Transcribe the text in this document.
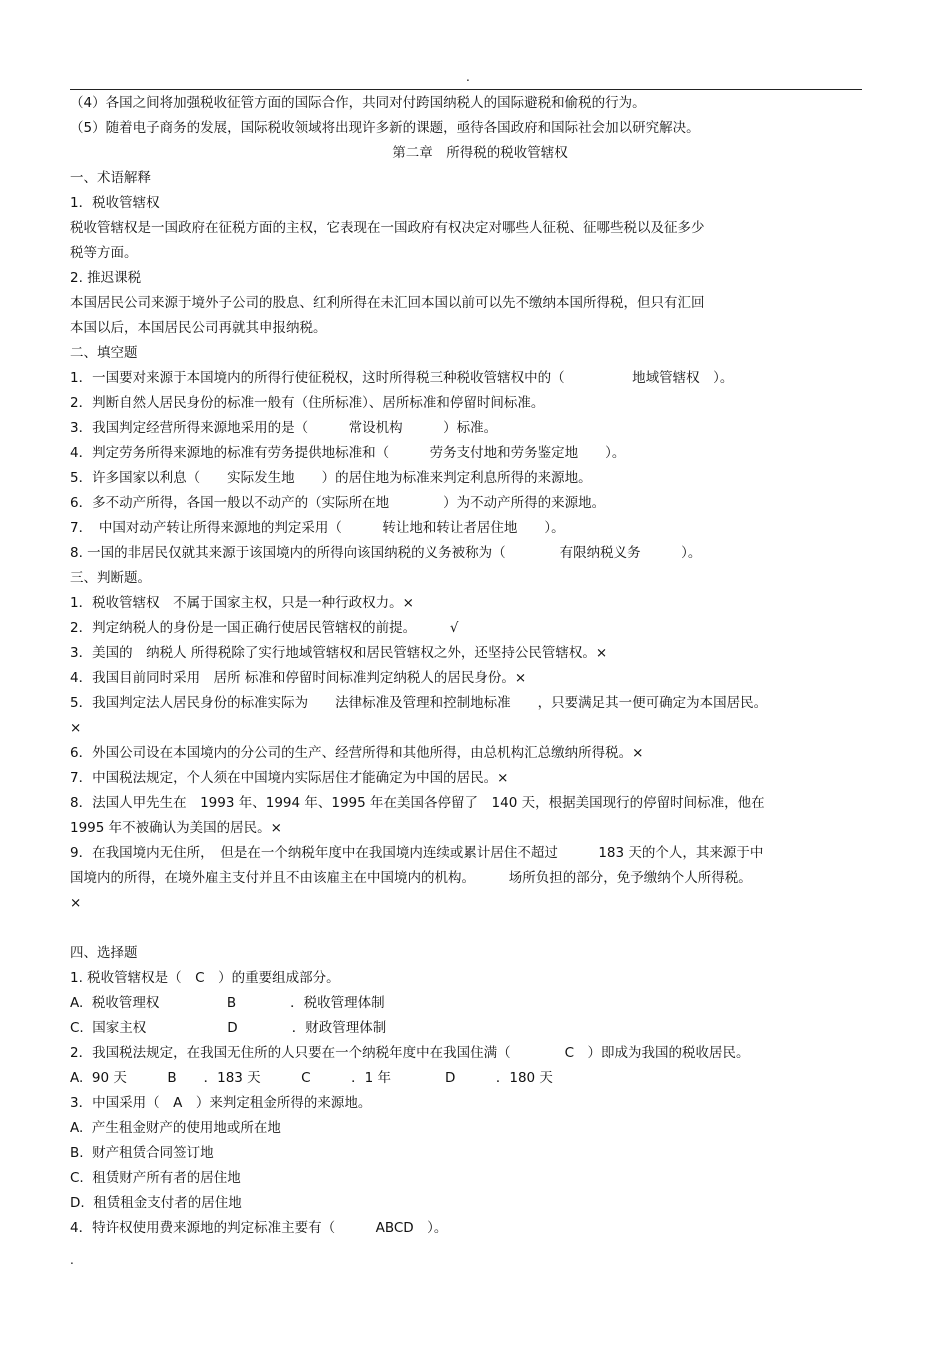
.
（4）各国之间将加强税收征管方面的国际合作，共同对付跨国纳税人的国际避税和偷税的行为。
（5）随着电子商务的发展，国际税收领域将出现许多新的课题，亟待各国政府和国际社会加以研究解决。
第二章　所得税的税收管辖权
一、术语解释
1．税收管辖权
税收管辖权是一国政府在征税方面的主权，它表现在一国政府有权决定对哪些人征税、征哪些税以及征多少
税等方面。
2. 推迟课税
本国居民公司来源于境外子公司的股息、红利所得在未汇回本国以前可以先不缴纳本国所得税，但只有汇回
本国以后，本国居民公司再就其申报纳税。
二、填空题
1．一国要对来源于本国境内的所得行使征税权，这时所得税三种税收管辖权中的（　　　　　地域管辖权　）。
2．判断自然人居民身份的标准一般有（住所标准）、居所标准和停留时间标准。
3．我国判定经营所得来源地采用的是（　　　常设机构　　　）标准。
4．判定劳务所得来源地的标准有劳务提供地标准和（　　　劳务支付地和劳务鉴定地　　）。
5．许多国家以利息（　　实际发生地　　）的居住地为标准来判定利息所得的来源地。
6．多不动产所得，各国一般以不动产的（实际所在地　　　　）为不动产所得的来源地。
7．　中国对动产转让所得来源地的判定采用（　　　转让地和转让者居住地　　）。
8. 一国的非居民仅就其来源于该国境内的所得向该国纳税的义务被称为（　　　　有限纳税义务　　　）。
三、判断题。
1．税收管辖权　不属于国家主权，只是一种行政权力。×
2．判定纳税人的身份是一国正确行使居民管辖权的前提。　　　√
3．美国的　纳税人 所得税除了实行地域管辖权和居民管辖权之外，还坚持公民管辖权。×
4．我国目前同时采用　居所 标准和停留时间标准判定纳税人的居民身份。×
5．我国判定法人居民身份的标准实际为　　法律标准及管理和控制地标准　　，只要满足其一便可确定为本国居民。
×
6．外国公司设在本国境内的分公司的生产、经营所得和其他所得，由总机构汇总缴纳所得税。×
7．中国税法规定，个人须在中国境内实际居住才能确定为中国的居民。×
8．法国人甲先生在　1993 年、1994 年、1995 年在美国各停留了　140 天，根据美国现行的停留时间标准，他在
1995 年不被确认为美国的居民。×
9．在我国境内无住所，　但是在一个纳税年度中在我国境内连续或累计居住不超过　　　183 天的个人，其来源于中
国境内的所得，在境外雇主支付并且不由该雇主在中国境内的机构。　　　场所负担的部分，免予缴纳个人所得税。
×
四、选择题
1. 税收管辖权是（　C　）的重要组成部分。
A.  税收管理权　　　　　B　　　　．税收管理体制
C.  国家主权　　　　　　D　　　　．财政管理体制
2．我国税法规定，在我国无住所的人只要在一个纳税年度中在我国住满（　　　　C　）即成为我国的税收居民。
A.  90 天　　　B　　．183 天　　　C　　　．1 年　　　　D　　　．180 天
3．中国采用（　A　）来判定租金所得的来源地。
A.  产生租金财产的使用地或所在地
B.  财产租赁合同签订地
C.  租赁财产所有者的居住地
D.  租赁租金支付者的居住地
4．特许权使用费来源地的判定标准主要有（　　　ABCD　）。
.
